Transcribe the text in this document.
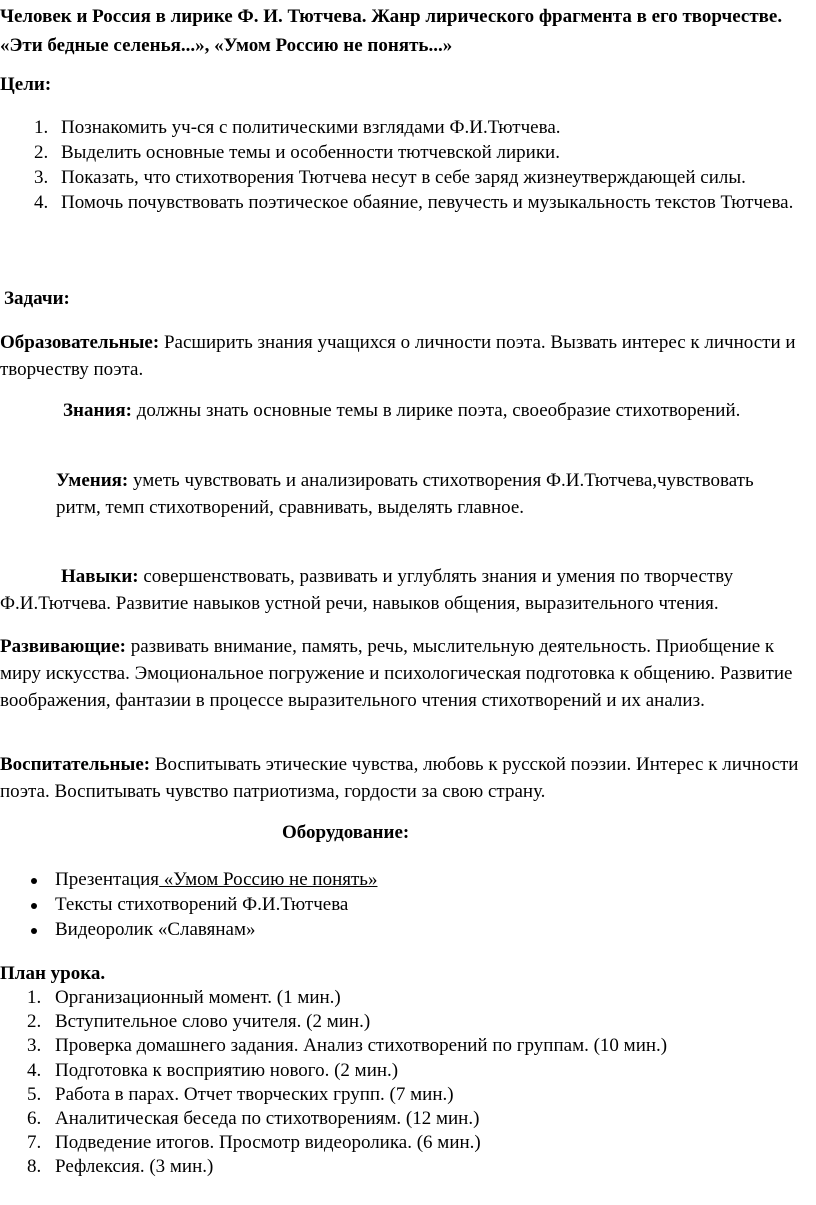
Человек и Россия в лирике Ф. И. Тютчева. Жанр лирического фрагмента в его творчестве. «Эти бедные селенья...», «Умом Россию не понять...»

Цели:

1. Познакомить уч-ся с политическими взглядами Ф.И.Тютчева.
2. Выделить основные темы и особенности тютчевской лирики.
3. Показать, что стихотворения Тютчева несут в себе заряд жизнеутверждающей силы.
4. Помочь почувствовать поэтическое обаяние, певучесть и музыкальность текстов Тютчева.

Задачи:

Образовательные: Расширить знания учащихся о личности поэта. Вызвать интерес к личности и творчеству поэта.

Знания: должны знать основные темы в лирике поэта, своеобразие стихотворений.

Умения: уметь чувствовать и анализировать стихотворения Ф.И.Тютчева,чувствовать ритм, темп стихотворений, сравнивать, выделять главное.

Навыки: совершенствовать, развивать и углублять знания и умения по творчеству Ф.И.Тютчева. Развитие навыков устной речи, навыков общения, выразительного чтения.

Развивающие: развивать внимание, память, речь, мыслительную деятельность. Приобщение к миру искусства. Эмоциональное погружение и психологическая подготовка к общению. Развитие воображения, фантазии в процессе выразительного чтения стихотворений и их анализ.

Воспитательные: Воспитывать этические чувства, любовь к русской поэзии. Интерес к личности поэта. Воспитывать чувство патриотизма, гордости за свою страну.

Оборудование:

Презентация «Умом Россию не понять»
Тексты стихотворений Ф.И.Тютчева
Видеоролик «Славянам»

План урока.

1. Организационный момент. (1 мин.)
2. Вступительное слово учителя. (2 мин.)
3. Проверка домашнего задания. Анализ стихотворений по группам. (10 мин.)
4. Подготовка к восприятию нового. (2 мин.)
5. Работа в парах. Отчет творческих групп. (7 мин.)
6. Аналитическая беседа по стихотворениям. (12 мин.)
7. Подведение итогов. Просмотр видеоролика. (6 мин.)
8. Рефлексия. (3 мин.)
